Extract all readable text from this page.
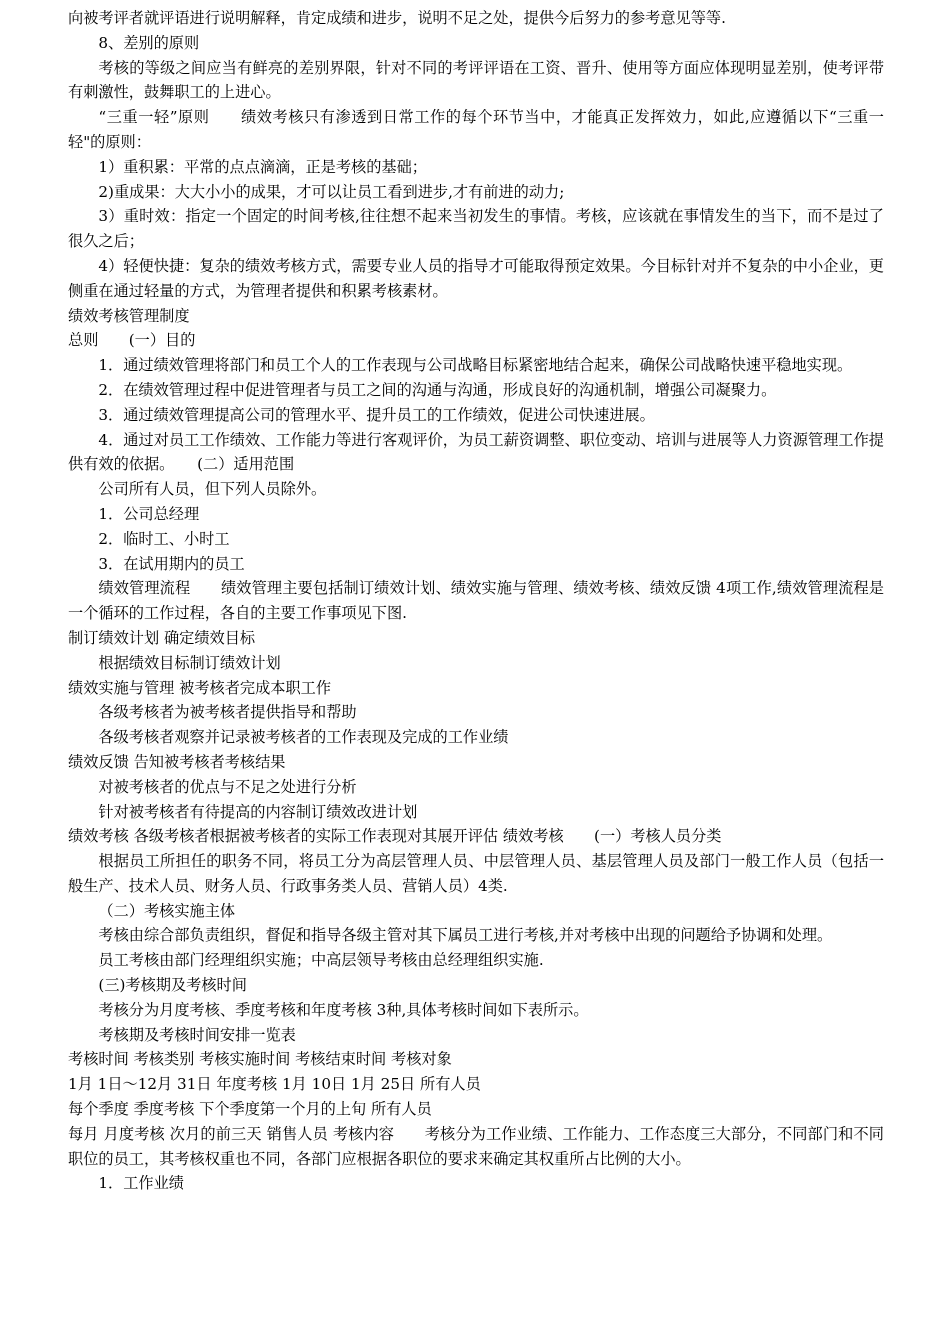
向被考评者就评语进行说明解释，肯定成绩和进步，说明不足之处，提供今后努力的参考意见等等.

8、差别的原则

考核的等级之间应当有鲜亮的差别界限，针对不同的考评评语在工资、晋升、使用等方面应体现明显差别，使考评带有刺激性，鼓舞职工的上进心。

“三重一轻”原则　　绩效考核只有渗透到日常工作的每个环节当中，才能真正发挥效力，如此,应遵循以下“三重一轻"的原则：

1）重积累：平常的点点滴滴，正是考核的基础；

2)重成果：大大小小的成果，才可以让员工看到进步,才有前进的动力;

3）重时效：指定一个固定的时间考核,往往想不起来当初发生的事情。考核，应该就在事情发生的当下，而不是过了很久之后；

4）轻便快捷：复杂的绩效考核方式，需要专业人员的指导才可能取得预定效果。今目标针对并不复杂的中小企业，更侧重在通过轻量的方式，为管理者提供和积累考核素材。

绩效考核管理制度

总则　　(一）目的

1．通过绩效管理将部门和员工个人的工作表现与公司战略目标紧密地结合起来，确保公司战略快速平稳地实现。

2．在绩效管理过程中促进管理者与员工之间的沟通与沟通，形成良好的沟通机制，增强公司凝聚力。

3．通过绩效管理提高公司的管理水平、提升员工的工作绩效，促进公司快速进展。

4．通过对员工工作绩效、工作能力等进行客观评价，为员工薪资调整、职位变动、培训与进展等人力资源管理工作提供有效的依据。　　(二）适用范围

公司所有人员，但下列人员除外。

1．公司总经理

2．临时工、小时工

3．在试用期内的员工

绩效管理流程　　绩效管理主要包括制订绩效计划、绩效实施与管理、绩效考核、绩效反馈 4项工作,绩效管理流程是一个循环的工作过程，各自的主要工作事项见下图.

制订绩效计划 确定绩效目标

根据绩效目标制订绩效计划

绩效实施与管理 被考核者完成本职工作

各级考核者为被考核者提供指导和帮助

各级考核者观察并记录被考核者的工作表现及完成的工作业绩

绩效反馈 告知被考核者考核结果

对被考核者的优点与不足之处进行分析

针对被考核者有待提高的内容制订绩效改进计划

绩效考核 各级考核者根据被考核者的实际工作表现对其展开评估 绩效考核　　(一）考核人员分类

根据员工所担任的职务不同，将员工分为高层管理人员、中层管理人员、基层管理人员及部门一般工作人员（包括一般生产、技术人员、财务人员、行政事务类人员、营销人员）4类.

（二）考核实施主体

考核由综合部负责组织，督促和指导各级主管对其下属员工进行考核,并对考核中出现的问题给予协调和处理。

员工考核由部门经理组织实施；中高层领导考核由总经理组织实施.

(三)考核期及考核时间

考核分为月度考核、季度考核和年度考核 3种,具体考核时间如下表所示。

考核期及考核时间安排一览表

考核时间 考核类别 考核实施时间 考核结束时间 考核对象

1月 1日～12月 31日 年度考核 1月 10日 1月 25日 所有人员

每个季度 季度考核 下个季度第一个月的上旬 所有人员

每月 月度考核 次月的前三天 销售人员 考核内容　　考核分为工作业绩、工作能力、工作态度三大部分，不同部门和不同职位的员工，其考核权重也不同，各部门应根据各职位的要求来确定其权重所占比例的大小。

1．工作业绩
